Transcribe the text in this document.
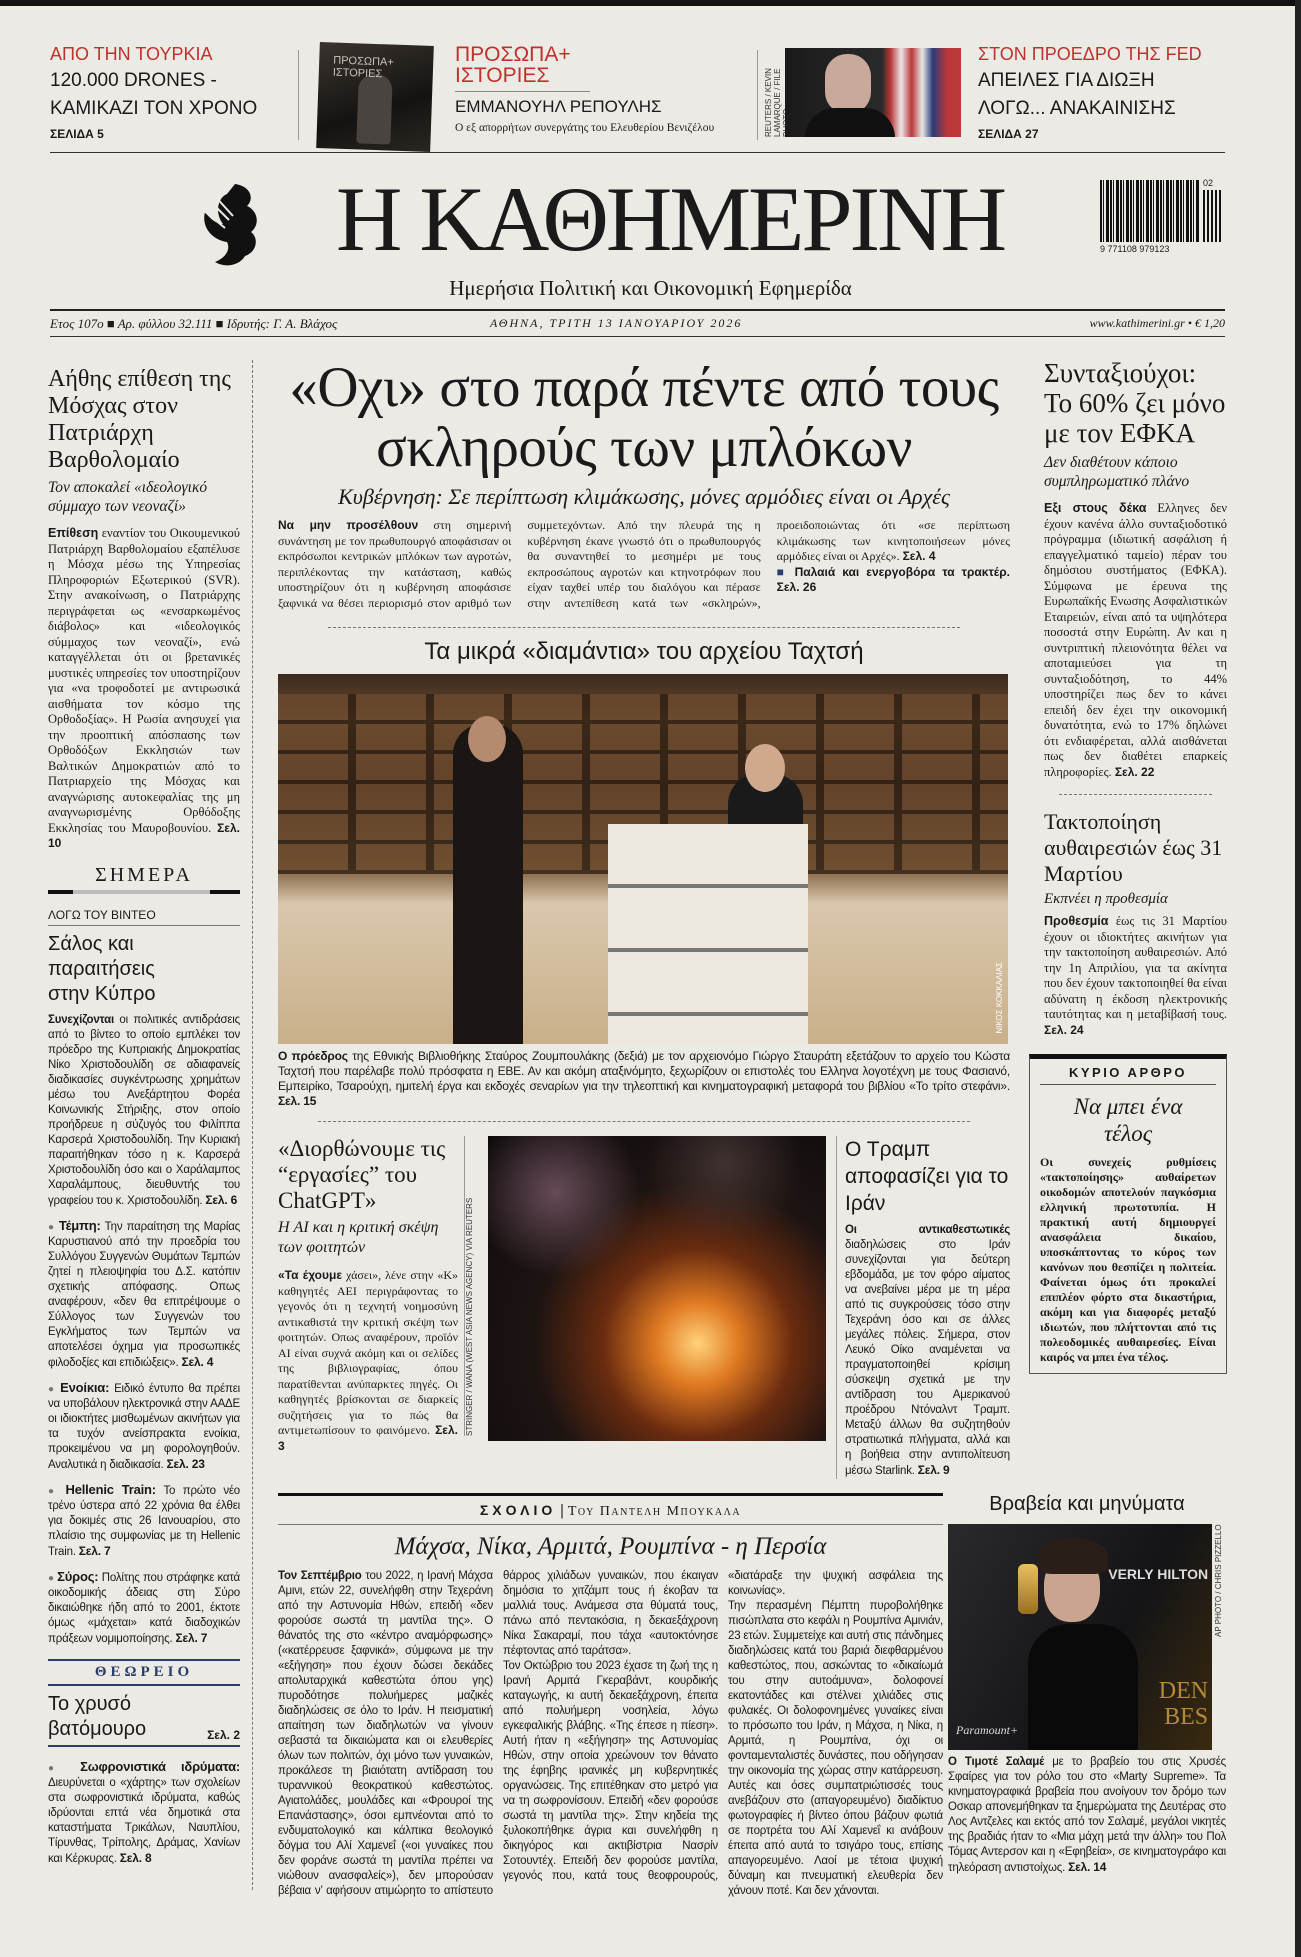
ΑΠΟ ΤΗΝ ΤΟΥΡΚΙΑ
120.000 DRONES -
ΚΑΜΙΚΑΖΙ ΤΟΝ ΧΡΟΝΟ
ΣΕΛΙΔΑ 5
ΠΡΟΣΩΠΑ+ ΙΣΤΟΡΙΕΣ
ΠΡΟΣΩΠΑ+
ΙΣΤΟΡΙΕΣ
ΕΜΜΑΝΟΥΗΛ ΡΕΠΟΥΛΗΣ
Ο εξ απορρήτων συνεργάτης του Ελευθερίου Βενιζέλου	REUTERS / KEVIN LAMARQUE / FILE
ΣΤΟΝ ΠΡΟΕΔΡΟ ΤΗΣ FED
ΑΠΕΙΛΕΣ ΓΙΑ ΔΙΩΞΗ
ΛΟΓΩ... ΑΝΑΚΑΙΝΙΣΗΣ
ΣΕΛΙΔΑ 27
Η ΚΑΘΗΜΕΡΙΝΗ	02
9 771108 979123
Ημερήσια Πολιτική και Οικονομική Εφημερίδα
Ετος 107ο ■ Αρ. φύλλου 32.111 ■ Ιδρυτής: Γ. Α. Βλάχος	ΑΘΗΝΑ, ΤΡΙΤΗ 13 ΙΑΝΟΥΑΡΙΟΥ 2026	www.kathimerini.gr • € 1,20
Αήθης επίθεση της Μόσχας στον Πατριάρχη Βαρθολομαίο
Τον αποκαλεί «ιδεολογικό σύμμαχο των νεοναζί»
Επίθεση εναντίον του Οικουμενικού Πατριάρχη Βαρθολομαίου εξαπέλυσε η Μόσχα μέσω της Υπηρεσίας Πληροφοριών Εξωτερικού (SVR). Στην ανακοίνωση, ο Πατριάρχης περιγράφεται ως «ενσαρκωμένος διάβολος» και «ιδεολογικός σύμμαχος των νεοναζί», ενώ καταγγέλλεται ότι οι βρετανικές μυστικές υπηρεσίες τον υποστηρίζουν για «να τροφοδοτεί με αντιρωσικά αισθήματα τον κόσμο της Ορθοδοξίας». Η Ρωσία ανησυχεί για την προοπτική απόσπασης των Ορθοδόξων Εκκλησιών των Βαλτικών Δημοκρατιών από το Πατριαρχείο της Μόσχας και αναγνώρισης αυτοκεφαλίας της μη αναγνωρισμένης Ορθόδοξης Εκκλησίας του Μαυροβουνίου. Σελ. 10
ΣΗΜΕΡΑ
ΛΟΓΩ ΤΟΥ ΒΙΝΤΕΟ
Σάλος και παραιτήσεις στην Κύπρο
Συνεχίζονται οι πολιτικές αντιδράσεις από το βίντεο το οποίο εμπλέκει τον πρόεδρο της Κυπριακής Δημοκρατίας Νίκο Χριστοδουλίδη σε αδιαφανείς διαδικασίες συγκέντρωσης χρημάτων μέσω του Ανεξάρτητου Φορέα Κοινωνικής Στήριξης, στον οποίο προήδρευε η σύζυγός του Φιλίππα Καρσερά Χριστοδουλίδη. Την Κυριακή παραιτήθηκαν τόσο η κ. Καρσερά Χριστοδουλίδη όσο και ο Χαράλαμπος Χαραλάμπους, διευθυντής του γραφείου του κ. Χριστοδουλίδη. Σελ. 6
● Τέμπη: Την παραίτηση της Μαρίας Καρυστιανού από την προεδρία του Συλλόγου Συγγενών Θυμάτων Τεμπών ζητεί η πλειοψηφία του Δ.Σ. κατόπιν σχετικής απόφασης. Οπως αναφέρουν, «δεν θα επιτρέψουμε ο Σύλλογος των Συγγενών του Εγκλήματος των Τεμπών να αποτελέσει όχημα για προσωπικές φιλοδοξίες και επιδιώξεις». Σελ. 4
● Ενοίκια: Ειδικό έντυπο θα πρέπει να υποβάλουν ηλεκτρονικά στην ΑΑΔΕ οι ιδιοκτήτες μισθωμένων ακινήτων για τα τυχόν ανείσπρακτα ενοίκια, προκειμένου να μη φορολογηθούν. Αναλυτικά η διαδικασία. Σελ. 23
● Hellenic Train: Το πρώτο νέο τρένο ύστερα από 22 χρόνια θα έλθει για δοκιμές στις 26 Ιανουαρίου, στο πλαίσιο της συμφωνίας με τη Hellenic Train. Σελ. 7
● Σύρος: Πολίτης που στράφηκε κατά οικοδομικής άδειας στη Σύρο δικαιώθηκε ήδη από το 2001, έκτοτε όμως «μάχεται» κατά διαδοχικών πράξεων νομιμοποίησης. Σελ. 7
ΘΕΩΡΕΙΟ
Το χρυσό βατόμουρο	Σελ. 2
● Σωφρονιστικά ιδρύματα: Διευρύνεται ο «χάρτης» των σχολείων στα σωφρονιστικά ιδρύματα, καθώς ιδρύονται επτά νέα δημοτικά στα καταστήματα Τρικάλων, Ναυπλίου, Τίρυνθας, Τρίπολης, Δράμας, Χανίων και Κέρκυρας. Σελ. 8
«Οχι» στο παρά πέντε από τους σκληρούς των μπλόκων
Κυβέρνηση: Σε περίπτωση κλιμάκωσης, μόνες αρμόδιες είναι οι Αρχές
Να μην προσέλθουν στη σημερινή συνάντηση με τον πρωθυπουργό αποφάσισαν οι εκπρόσωποι κεντρικών μπλόκων των αγροτών, περιπλέκοντας την κατάσταση, καθώς υποστηρίζουν ότι η κυβέρνηση αποφάσισε ξαφνικά να θέσει περιορισμό στον αριθμό των συμμετεχόντων. Από την πλευρά της η κυβέρνηση έκανε γνωστό ότι ο πρωθυπουργός θα συναντηθεί το μεσημέρι με τους εκπροσώπους αγροτών και κτηνοτρόφων που είχαν ταχθεί υπέρ του διαλόγου και πέρασε στην αντεπίθεση κατά των «σκληρών», προειδοποιώντας ότι «σε περίπτωση κλιμάκωσης των κινητοποιήσεων μόνες αρμόδιες είναι οι Αρχές». Σελ. 4
■ Παλαιά και ενεργοβόρα τα τρακτέρ. Σελ. 26
Τα μικρά «διαμάντια» του αρχείου Ταχτσή
ΝΙΚΟΣ ΚΟΚΚΑΛΙΑΣ
Ο πρόεδρος της Εθνικής Βιβλιοθήκης Σταύρος Ζουμπουλάκης (δεξιά) με τον αρχειονόμο Γιώργο Σταυράτη εξετάζουν το αρχείο του Κώστα Ταχτσή που παρέλαβε πολύ πρόσφατα η ΕΒΕ. Αν και ακόμη αταξινόμητο, ξεχωρίζουν οι επιστολές του Ελληνα λογοτέχνη με τους Φασιανό, Εμπειρίκο, Τσαρούχη, ημιτελή έργα και εκδοχές σεναρίων για την τηλεοπτική και κινηματογραφική μεταφορά του βιβλίου «Το τρίτο στεφάνι». Σελ. 15
«Διορθώνουμε τις “εργασίες” του ChatGPT»
Η AI και η κριτική σκέψη των φοιτητών
«Τα έχουμε χάσει», λένε στην «Κ» καθηγητές ΑΕΙ περιγράφοντας το γεγονός ότι η τεχνητή νοημοσύνη αντικαθιστά την κριτική σκέψη των φοιτητών. Οπως αναφέρουν, προϊόν AI είναι συχνά ακόμη και οι σελίδες της βιβλιογραφίας, όπου παρατίθενται ανύπαρκτες πηγές. Οι καθηγητές βρίσκονται σε διαρκείς συζητήσεις για το πώς θα αντιμετωπίσουν το φαινόμενο. Σελ. 3
STRINGER / WANA (WEST ASIA NEWS AGENCY) VIA REUTERS
Ο Τραμπ αποφασίζει για το Ιράν
Οι αντικαθεστωτικές διαδηλώσεις στο Ιράν συνεχίζονται για δεύτερη εβδομάδα, με τον φόρο αίματος να ανεβαίνει μέρα με τη μέρα από τις συγκρούσεις τόσο στην Τεχεράνη όσο και σε άλλες μεγάλες πόλεις. Σήμερα, στον Λευκό Οίκο αναμένεται να πραγματοποιηθεί κρίσιμη σύσκεψη σχετικά με την αντίδραση του Αμερικανού προέδρου Ντόναλντ Τραμπ. Μεταξύ άλλων θα συζητηθούν στρατιωτικά πλήγματα, αλλά και η βοήθεια στην αντιπολίτευση μέσω Starlink. Σελ. 9
Συνταξιούχοι: Το 60% ζει μόνο με τον ΕΦΚΑ
Δεν διαθέτουν κάποιο συμπληρωματικό πλάνο
Εξι στους δέκα Ελληνες δεν έχουν κανένα άλλο συνταξιοδοτικό πρόγραμμα (ιδιωτική ασφάλιση ή επαγγελματικό ταμείο) πέραν του δημόσιου συστήματος (ΕΦΚΑ). Σύμφωνα με έρευνα της Ευρωπαϊκής Ενωσης Ασφαλιστικών Εταιρειών, είναι από τα υψηλότερα ποσοστά στην Ευρώπη. Αν και η συντριπτική πλειονότητα θέλει να αποταμιεύσει για τη συνταξιοδότηση, το 44% υποστηρίζει πως δεν το κάνει επειδή δεν έχει την οικονομική δυνατότητα, ενώ το 17% δηλώνει ότι ενδιαφέρεται, αλλά αισθάνεται πως δεν διαθέτει επαρκείς πληροφορίες. Σελ. 22
Τακτοποίηση αυθαιρεσιών έως 31 Μαρτίου
Εκπνέει η προθεσμία
Προθεσμία έως τις 31 Μαρτίου έχουν οι ιδιοκτήτες ακινήτων για την τακτοποίηση αυθαιρεσιών. Από την 1η Απριλίου, για τα ακίνητα που δεν έχουν τακτοποιηθεί θα είναι αδύνατη η έκδοση ηλεκτρονικής ταυτότητας και η μεταβίβασή τους. Σελ. 24
ΚΥΡΙΟ ΑΡΘΡΟ
Να μπει ένα τέλος
Οι συνεχείς ρυθμίσεις «τακτοποίησης» αυθαίρετων οικοδομών αποτελούν παγκόσμια ελληνική πρωτοτυπία. Η πρακτική αυτή δημιουργεί ανασφάλεια δικαίου, υποσκάπτοντας το κύρος των κανόνων που θεσπίζει η πολιτεία. Φαίνεται όμως ότι προκαλεί επιπλέον φόρτο στα δικαστήρια, ακόμη και για διαφορές μεταξύ ιδιωτών, που πλήττονται από τις πολεοδομικές αυθαιρεσίες. Είναι καιρός να μπει ένα τέλος.
ΣΧΟΛΙΟ | Του Παντελη Μπουκαλα
Μάχσα, Νίκα, Αρμιτά, Ρουμπίνα - η Περσία

Τον Σεπτέμβριο του 2022, η Ιρανή Μάχσα Αμινι, ετών 22, συνελήφθη στην Τεχεράνη από την Αστυνομία Ηθών, επειδή «δεν φορούσε σωστά τη μαντίλα της». Ο θάνατός της στο «κέντρο αναμόρφωσης» («κατέρρευσε ξαφνικά», σύμφωνα με την «εξήγηση» που έχουν δώσει δεκάδες απολυταρχικά καθεστώτα όπου γης) πυροδότησε πολυήμερες μαζικές διαδηλώσεις σε όλο το Ιράν. Η πεισματική απαίτηση των διαδηλωτών να γίνουν σεβαστά τα δικαιώματα και οι ελευθερίες όλων των πολιτών, όχι μόνο των γυναικών, προκάλεσε τη βιαιότατη αντίδραση του τυραννικού θεοκρατικού καθεστώτος. Αγιατολάδες, μουλάδες και «Φρουροί της Επανάστασης», όσοι εμπνέονται από το ενδυματολογικό και κάλπικα θεολογικό δόγμα του Αλί Χαμενεΐ («οι γυναίκες που δεν φοράνε σωστά τη μαντίλα πρέπει να νιώθουν ανασφαλείς»), δεν μπορούσαν βέβαια ν’ αφήσουν ατιμώρητο το απίστευτο θάρρος χιλιάδων γυναικών, που έκαιγαν δημόσια το χιτζάμπ τους ή έκοβαν τα μαλλιά τους. Ανάμεσα στα θύματά τους, πάνω από πεντακόσια, η δεκαεξάχρονη Νίκα Σακαραμί, που τάχα «αυτοκτόνησε πέφτοντας από ταράτσα».

Τον Οκτώβριο του 2023 έχασε τη ζωή της η Ιρανή Αρμιτά Γκεραβάντ, κουρδικής καταγωγής, κι αυτή δεκαεξάχρονη, έπειτα από πολυήμερη νοσηλεία, λόγω εγκεφαλικής βλάβης. «Της έπεσε η πίεση». Αυτή ήταν η «εξήγηση» της Αστυνομίας Ηθών, στην οποία χρεώνουν τον θάνατο της έφηβης ιρανικές μη κυβερνητικές οργανώσεις. Της επιτέθηκαν στο μετρό για να τη σωφρονίσουν. Επειδή «δεν φορούσε σωστά τη μαντίλα της». Στην κηδεία της ξυλοκοπήθηκε άγρια και συνελήφθη η δικηγόρος και ακτιβίστρια Νασρίν Σοτουντέχ. Επειδή δεν φορούσε μαντίλα, γεγονός που, κατά τους θεοφρουρούς, «διατάραξε την ψυχική ασφάλεια της κοινωνίας».

Την περασμένη Πέμπτη πυροβολήθηκε πισώπλατα στο κεφάλι η Ρουμπίνα Αμινιάν, 23 ετών. Συμμετείχε και αυτή στις πάνδημες διαδηλώσεις κατά του βαριά διεφθαρμένου καθεστώτος, που, ασκώντας το «δικαίωμά του στην αυτοάμυνα», δολοφονεί εκατοντάδες και στέλνει χιλιάδες στις φυλακές. Οι δολοφονημένες γυναίκες είναι το πρόσωπο του Ιράν, η Μάχσα, η Νίκα, η Αρμιτά, η Ρουμπίνα, όχι οι φονταμενταλιστές δυνάστες, που οδήγησαν την οικονομία της χώρας στην κατάρρευση. Αυτές και όσες συμπατριώτισσές τους ανεβάζουν στο (απαγορευμένο) διαδίκτυο φωτογραφίες ή βίντεο όπου βάζουν φωτιά σε πορτρέτα του Αλί Χαμενεΐ κι ανάβουν έπειτα από αυτά το τσιγάρο τους, επίσης απαγορευμένο. Λαοί με τέτοια ψυχική δύναμη και πνευματική ελευθερία δεν χάνουν ποτέ. Και δεν χάνονται.

Βραβεία και μηνύματα
VERLY HILTON
Paramount+
DEN BES
AP PHOTO / CHRIS PIZZELLO
Ο Τιμοτέ Σαλαμέ με το βραβείο του στις Χρυσές Σφαίρες για τον ρόλο του στο «Marty Supreme». Τα κινηματογραφικά βραβεία που ανοίγουν τον δρόμο των Οσκαρ απονεμήθηκαν τα ξημερώματα της Δευτέρας στο Λος Αντζελες και εκτός από τον Σαλαμέ, μεγάλοι νικητές της βραδιάς ήταν το «Μια μάχη μετά την άλλη» του Πολ Τόμας Αντερσον και η «Εφηβεία», σε κινηματογράφο και τηλεόραση αντιστοίχως. Σελ. 14
